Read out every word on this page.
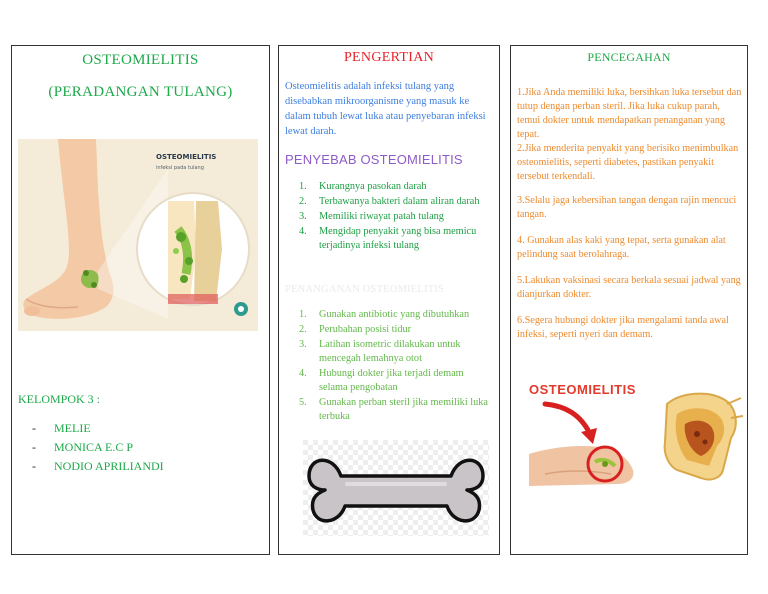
OSTEOMIELITIS
(PERADANGAN TULANG)
OSTEOMIELITIS
infeksi pada tulang
KELOMPOK 3 :
- MELIE
- MONICA E.C P
- NODIO APRILIANDI
PENGERTIAN
Osteomielitis adalah infeksi tulang yang disebabkan mikroorganisme yang masuk ke dalam tubuh lewat luka atau penyebaran infeksi lewat darah.
PENYEBAB OSTEOMIELITIS
1. Kurangnya pasokan darah
2. Terbawanya bakteri dalam aliran darah
3. Memiliki riwayat patah tulang
4. Mengidap penyakit yang bisa memicu terjadinya infeksi tulang
PENANGANAN OSTEOMIELITIS
1. Gunakan antibiotic yang dibutuhkan
2. Perubahan posisi tidur
3. Latihan isometric dilakukan untuk mencegah lemahnya otot
4. Hubungi dokter jika terjadi demam selama pengobatan
5. Gunakan perban steril jika memiliki luka terbuka
PENCEGAHAN
1.Jika Anda memiliki luka, bersihkan luka tersebut dan tutup dengan perban steril. Jika luka cukup parah, temui dokter untuk mendapatkan penanganan yang tepat.
2.Jika menderita penyakit yang berisiko menimbulkan osteomielitis, seperti diabetes, pastikan penyakit tersebut terkendali.
3.Selalu jaga kebersihan tangan dengan rajin mencuci tangan.
4. Gunakan alas kaki yang tepat, serta gunakan alat pelindung saat berolahraga.
5.Lakukan vaksinasi secara berkala sesuai jadwal yang dianjurkan dokter.
6.Segera hubungi dokter jika mengalami tanda awal infeksi, seperti nyeri dan demam.
OSTEOMIELITIS
